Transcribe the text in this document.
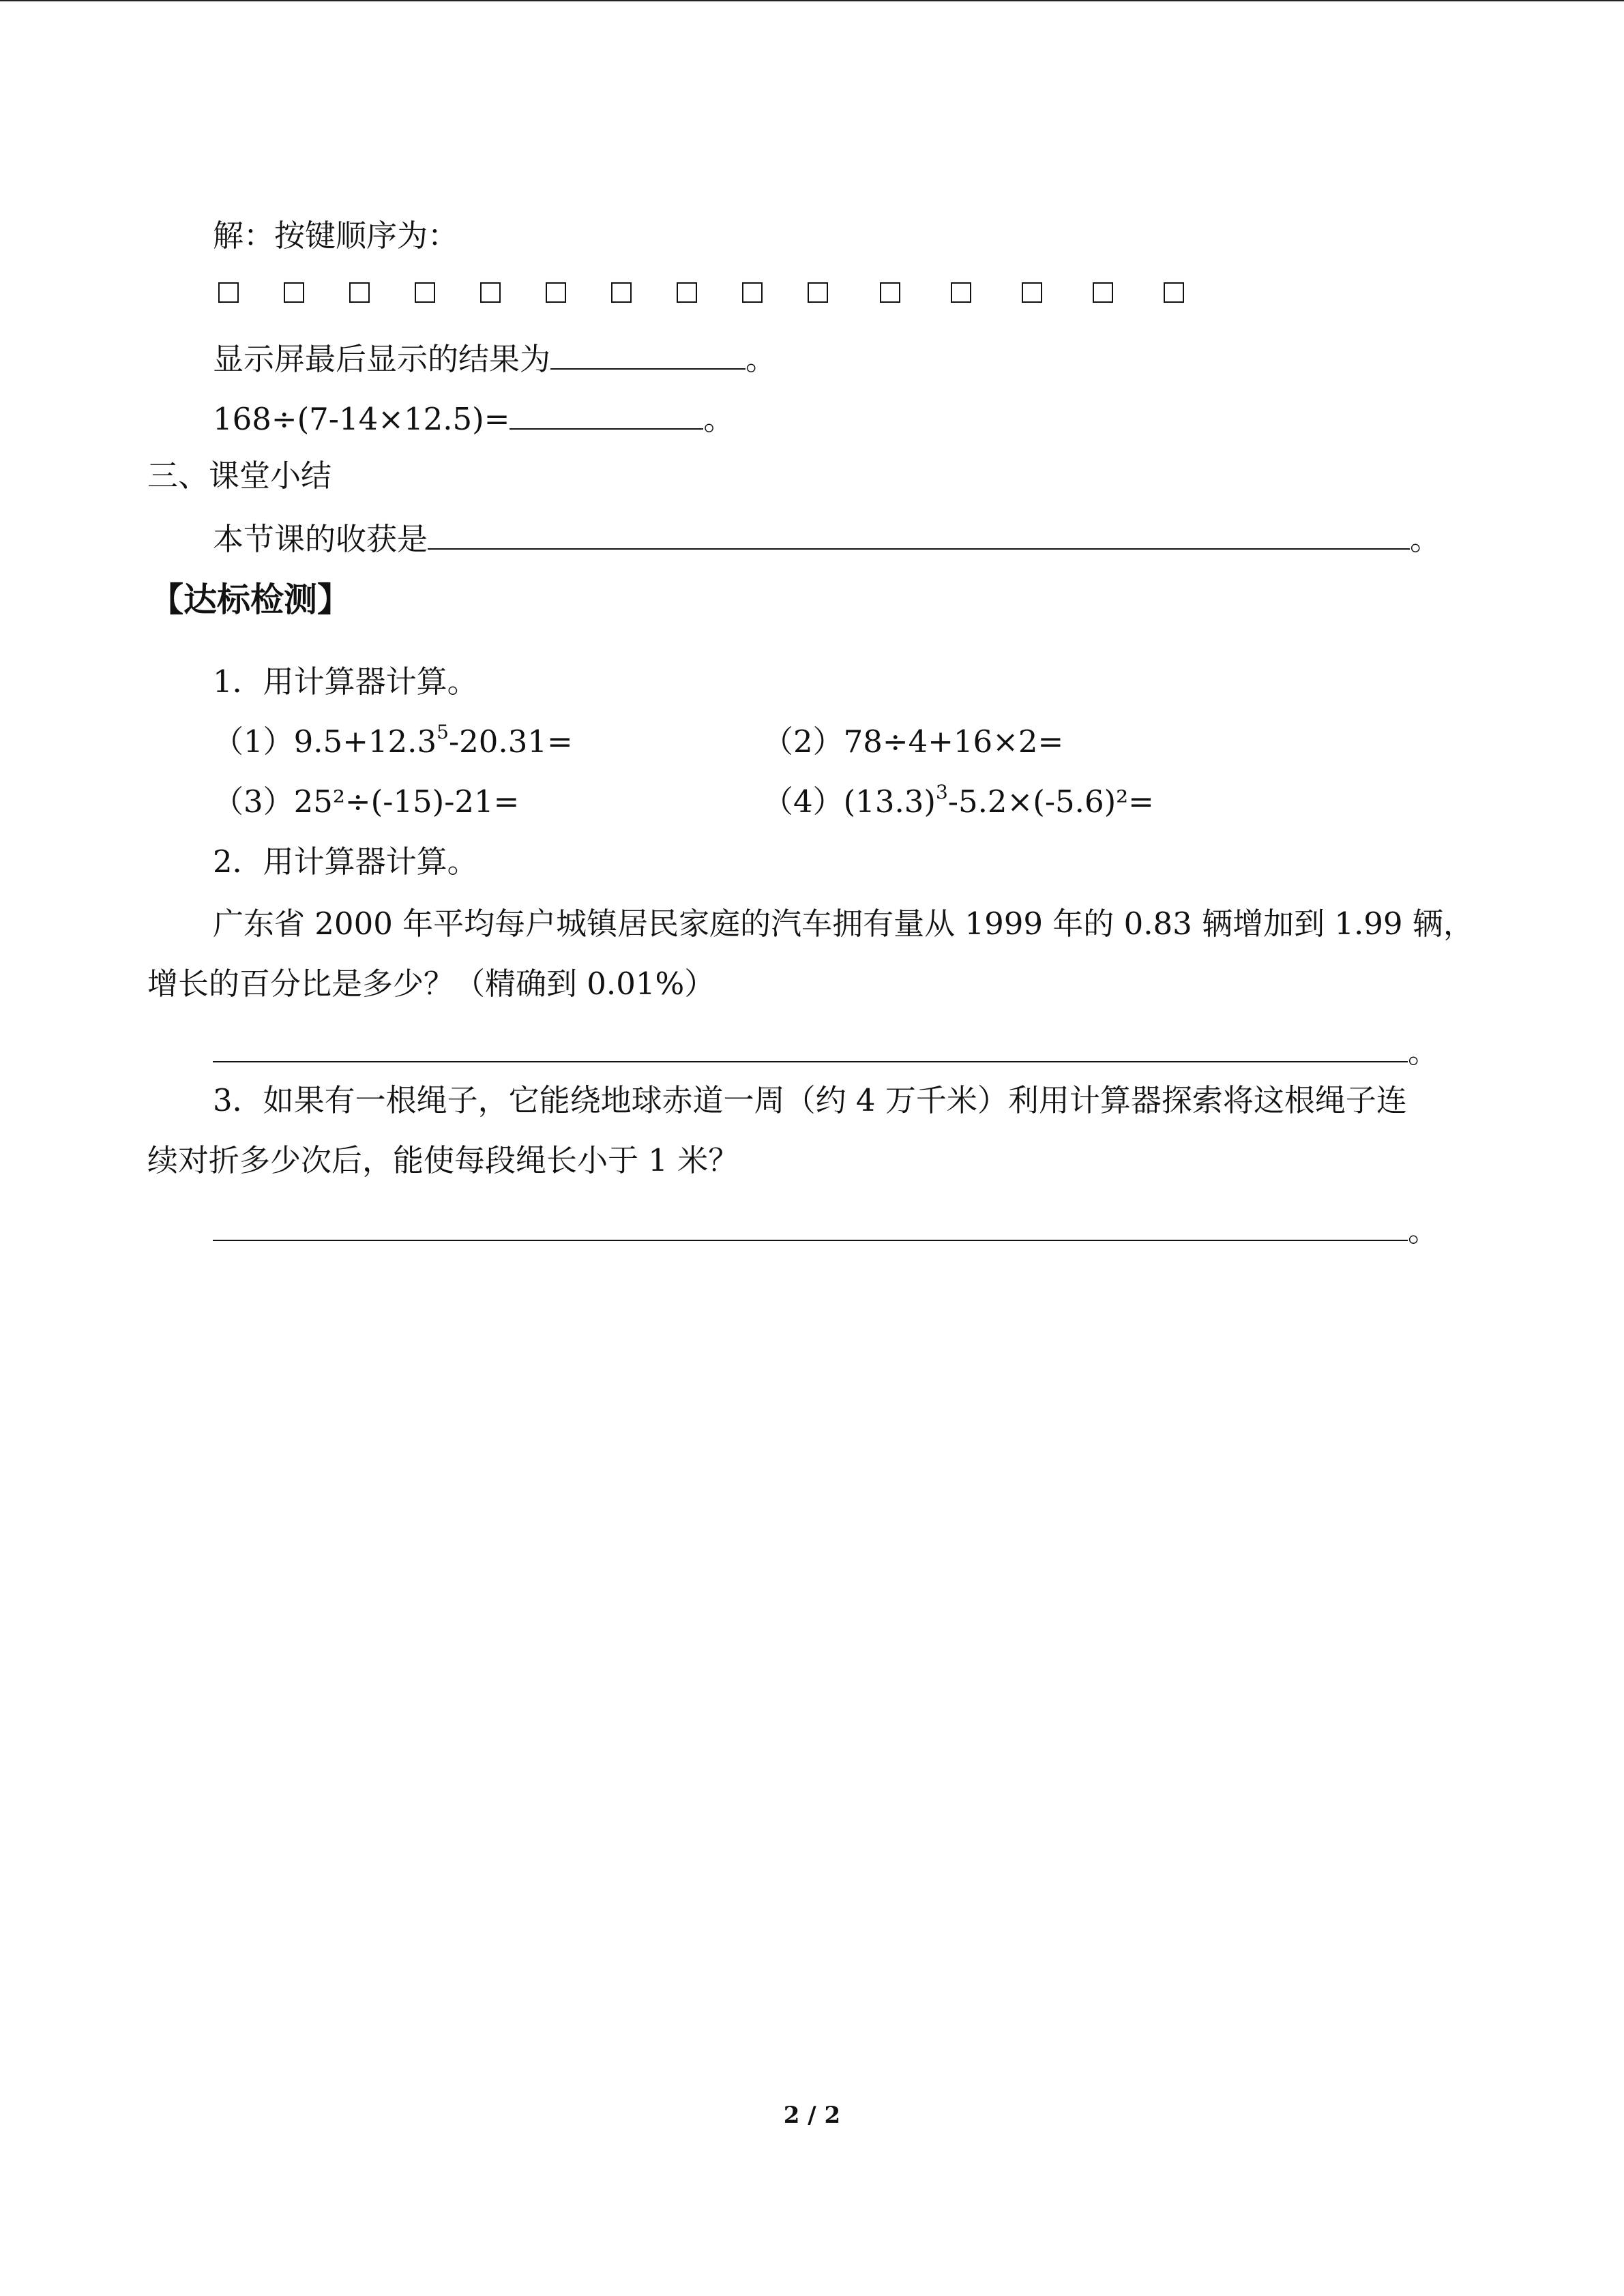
解：按键顺序为：
显示屏最后显示的结果为	。
168÷(7-14×12.5)=	。
三、课堂小结
本节课的收获是	。
【达标检测】
1．用计算器计算。
$(1)9.5+12.3^5-20.31=$	（2）78÷4+16×2=
（3）25²÷(-15)-21=	$(4)(13.3)^3-5.2\times(-5.6)^2=$
2．用计算器计算。
广东省 2000 年平均每户城镇居民家庭的汽车拥有量从 1999 年的 0.83 辆增加到 1.99 辆，
增长的百分比是多少？（精确到 0.01%）
。
3．如果有一根绳子，它能绕地球赤道一周（约 4 万千米）利用计算器探索将这根绳子连
续对折多少次后，能使每段绳长小于 1 米？
。
2 / 2
